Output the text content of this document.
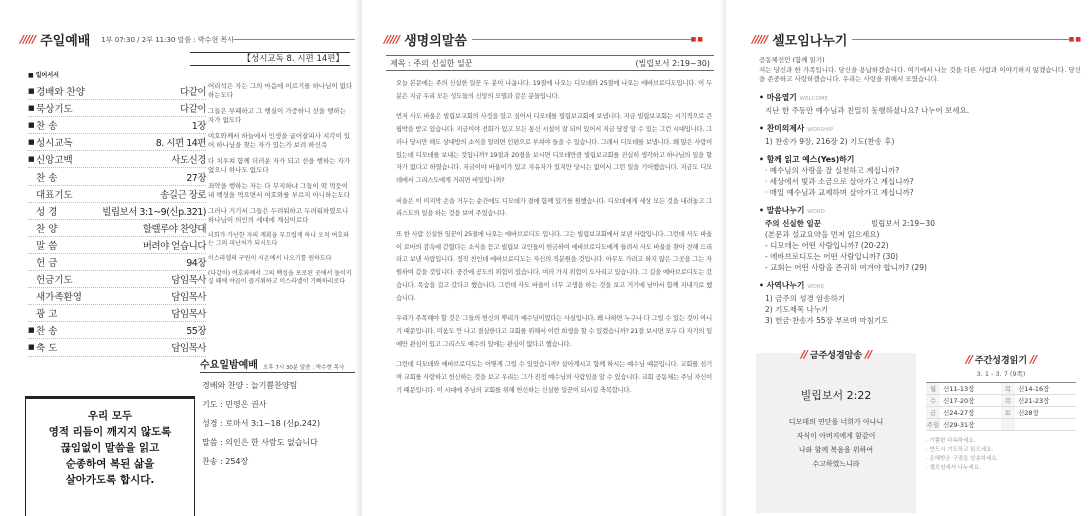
///// 주일예배 1부 07:30 / 2부 11:30 말씀 : 박수현 목사
【성시교독 8. 시편 14편】
■ 일어서서
■ 경배와 찬양	다같이
■ 묵상기도	다같이
■ 찬 송	1장
■ 성시교독	8. 시편 14편
■ 신앙고백	사도신경
찬 송	27장
대표기도	송길근 장로
성 경	빌립보서 3:1~9(신p.321)
찬 양	할렐루야 찬양대
말 씀	버려야 얻습니다
헌 금	94장
헌금기도	담임목사
새가족환영	담임목사
광 고	담임목사
■ 찬 송	55장
■ 축 도	담임목사
어리석은 자는 그의 마음에 이르기를 하나님이 없다 하는도다
그들은 부패하고 그 행실이 가증하니 선을 행하는 자가 없도다
여호와께서 하늘에서 인생을 굽어살피사 지각이 있어 하나님을 찾는 자가 있는가 보려 하신즉
다 치우쳐 함께 더러운 자가 되고 선을 행하는 자가 없으니 하나도 없도다
죄악을 행하는 자는 다 무지하냐 그들이 떡 먹듯이 내 백성을 먹으면서 여호와를 부르지 아니하는도다
그러나 거기서 그들은 두려워하고 두려워하였으니 하나님이 의인의 세대에 계심이로다
너희가 가난한 자의 계획을 부끄럽게 하나 오직 여호와는 그의 피난처가 되시도다
이스라엘의 구원이 시온에서 나오기를 원하도다
(다같이) 여호와께서 그의 백성을 포로된 곳에서 돌이키실 때에 야곱이 즐거워하고 이스라엘이 기뻐하리로다
수요일밤예배 오후 7시 30분 말씀 : 박수현 목사
경배와 찬양 : 늘기쁨찬양팀
기도 : 민영은 권사
성경 : 로마서 3:1~18 (신p.242)
말씀 : 의인은 한 사람도 없습니다
찬송 : 254장

우리 모두
영적 리듬이 깨지지 않도록
끊임없이 말씀을 읽고
순종하여 복된 삶을
살아가도록 합시다.

///// 생명의말씀	■■
제목 : 주의 신실한 일꾼	(빌립보서 2:19~30)

오늘 본문에는 주의 신실한 일꾼 두 분이 나옵니다. 19절에 나오는 디모데와 25절에 나오는 에바브로디도입니다. 이 두 분은 지금 우리 모든 성도들의 신앙의 모델과 같은 분들입니다.

먼저 사도 바울은 빌립보교회의 사정을 알고 싶어서 디모데를 빌립보교회에 보냅니다. 지금 빌립보교회는 시기적으로 큰 핍박을 받고 있습니다. 지금이야 전화가 있고 모든 통신 시설이 잘 되어 있어서 지금 당장 알 수 있는 그런 시대입니다. 그러나 당시만 해도 상대방의 소식을 알려면 인편으로 부쳐야 들을 수 있습니다. 그래서 디모데를 보냅니다. 왜 많은 사람이 있는데 디모데를 보내는 것입니까? 19절과 20절을 보시면 디모데만큼 빌립보교회를 진실히 생각하고 하나님의 일을 할 자가 없다고 하였습니다. 지금이야 바울이가 있고 자유자가 있지만 당시는 없어서 그런 일을 기어했습니다. 지금도 디모데에서 그리스도에게 거리면 비밀입니까?

비울은 이 미지막 손을 거두는 순간에도 디모데가 곁에 함께 있기를 원했습니다. 디모데에게 세상 모든 것을 내려놓고 그리스도의 일을 하는 것을 보여 주었습니다.

또 한 사람 신실한 일꾼이 25절에 나오는 에바브로디도 입니다. 그는 빌립보교회에서 보낸 사람입니다. 그런데 사도 바울이 로마의 감옥에 갇혔다는 소식을 듣고 빌립보 교인들이 헌금하여 에바브로디도에게 들려서 사도 바울을 찾아 전해 드리라고 보낸 사람입니다. 정작 친인데 에바브로디도는 자신의 직분원을 것입니다. 아무도 가려고 하지 않은 그곳을 그는 자원하여 갔을 것입니다. 중간에 공도의 위험이 있습니다. 여러 가지 위험이 도사리고 있습니다. 그 길을 에바브로디도는 갔습니다. 목숨을 걸고 갔다고 했습니다. 그런데 사도 바울이 너무 고생을 하는 것을 보고 거기에 남아서 함께 지내기로 했습니다.

우리가 주목해야 할 것은 그들의 헌신의 뿌리가 예수님이었다는 사실입니다. 왜 나하면 누구나 다 그럴 수 있는 것이 아니기 때문입니다. 미움도 안 나고 절실한다고 교회를 위해서 이런 희생을 할 수 있겠습니까? 21절 보시면 모두 다 자기의 일에만 관심이 있고 그리스도 예수의 일에는 관심이 없다고 했습니다.

그런데 디모데와 에바브로디도는 어떻게 그럴 수 있었습니까? 살아계시고 함께 하시는 예수님 때문입니다. 교회를 섬기며 교회를 사랑하고 헌신하는 것을 보고 우리는 그가 진정 예수님의 사람임을 알 수 있습니다. 교회 공동체는 주님 자신이기 때문입니다. 이 시대에 주님의 교회를 위해 헌신하는 신실한 일꾼이 되시길 축복합니다.

///// 셀모임나누기	■■
공동체선언 (함께 읽기)
저는 당신과 한 가족입니다. 당신을 용납하겠습니다. 여기에서 나눈 것을 다른 사람과 이야기하지 않겠습니다. 당신을 존중하고 사랑하겠습니다. 우리는 사랑을 위해서 모였습니다.
• 마음열기 WELCOME
지난 한 주동안 예수님과 친밀히 동행하셨나요? 나누어 보세요.
• 찬미의제사 WORSHIP
1) 찬송가 9장, 216장 2) 기도(찬송 후)
• 함께 읽고 예스(Yes)하기
· 예수님의 사랑을 잘 실천하고 계십니까?
· 세상에서 빛과 소금으로 살아가고 계십니까?
· 매일 예수님과 교제하며 살아가고 계십니까?
• 말씀나누기 WORD
주의 신실한 일꾼	빌립보서 2:19~30
(본문과 설교요약을 먼저 읽으세요)
- 디모데는 어떤 사람입니까? (20-22)
- 에바브로디도는 어떤 사람입니까? (30)
- 교회는 어떤 사람을 존귀히 여겨야 합니까? (29)
• 사역나누기 WORK
1) 금주의 성경 암송하기
2) 기도제목 나누기
3) 헌금·찬송가 55장 부르며 마침기도
// 금주성경암송 //
빌립보서 2:22
디모데의 연단을 너희가 아나니
자식이 아버지에게 함같이
나와 함께 복음을 위하여
수고하였느니라
// 주간성경읽기 //
3. 1 - 3. 7 (9쪽)
월	신11-13장	목	신14-16장
수	신17-20장	목	신21-23장
금	신24-27장	토	신28장
주일 신29-31장
· 기쁨한 다독하세요.
· 반드시 기도하고 읽으세요.
· 은혜받은 구절을 암송하세요.
· 셀모임에서 나누세요.
